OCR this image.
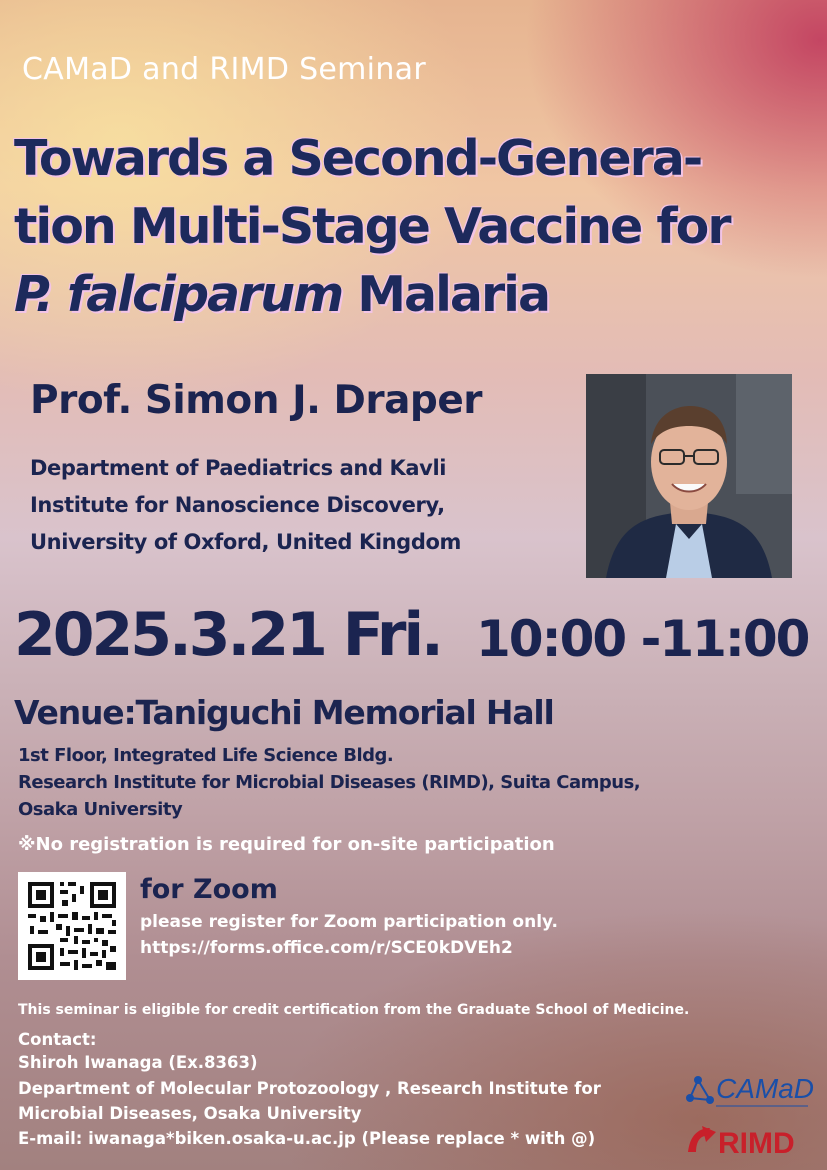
CAMaD and RIMD Seminar
Towards a Second-Genera-
tion Multi-Stage Vaccine for
P. falciparum Malaria
Prof. Simon J. Draper
Department of Paediatrics and Kavli
Institute for Nanoscience Discovery,
University of Oxford, United Kingdom
2025.3.21 Fri. 10:00 -11:00
Venue:Taniguchi Memorial Hall
1st Floor, Integrated Life Science Bldg.
Research Institute for Microbial Diseases (RIMD), Suita Campus,
Osaka University
※No registration is required for on-site participation
for Zoom
please register for Zoom participation only.
https://forms.office.com/r/SCE0kDVEh2
This seminar is eligible for credit certification from the Graduate School of Medicine.
Contact:
Shiroh Iwanaga (Ex.8363)
Department of Molecular Protozoology , Research Institute for
Microbial Diseases, Osaka University
E-mail: iwanaga*biken.osaka-u.ac.jp (Please replace * with @)
CAMaD
RIMD
